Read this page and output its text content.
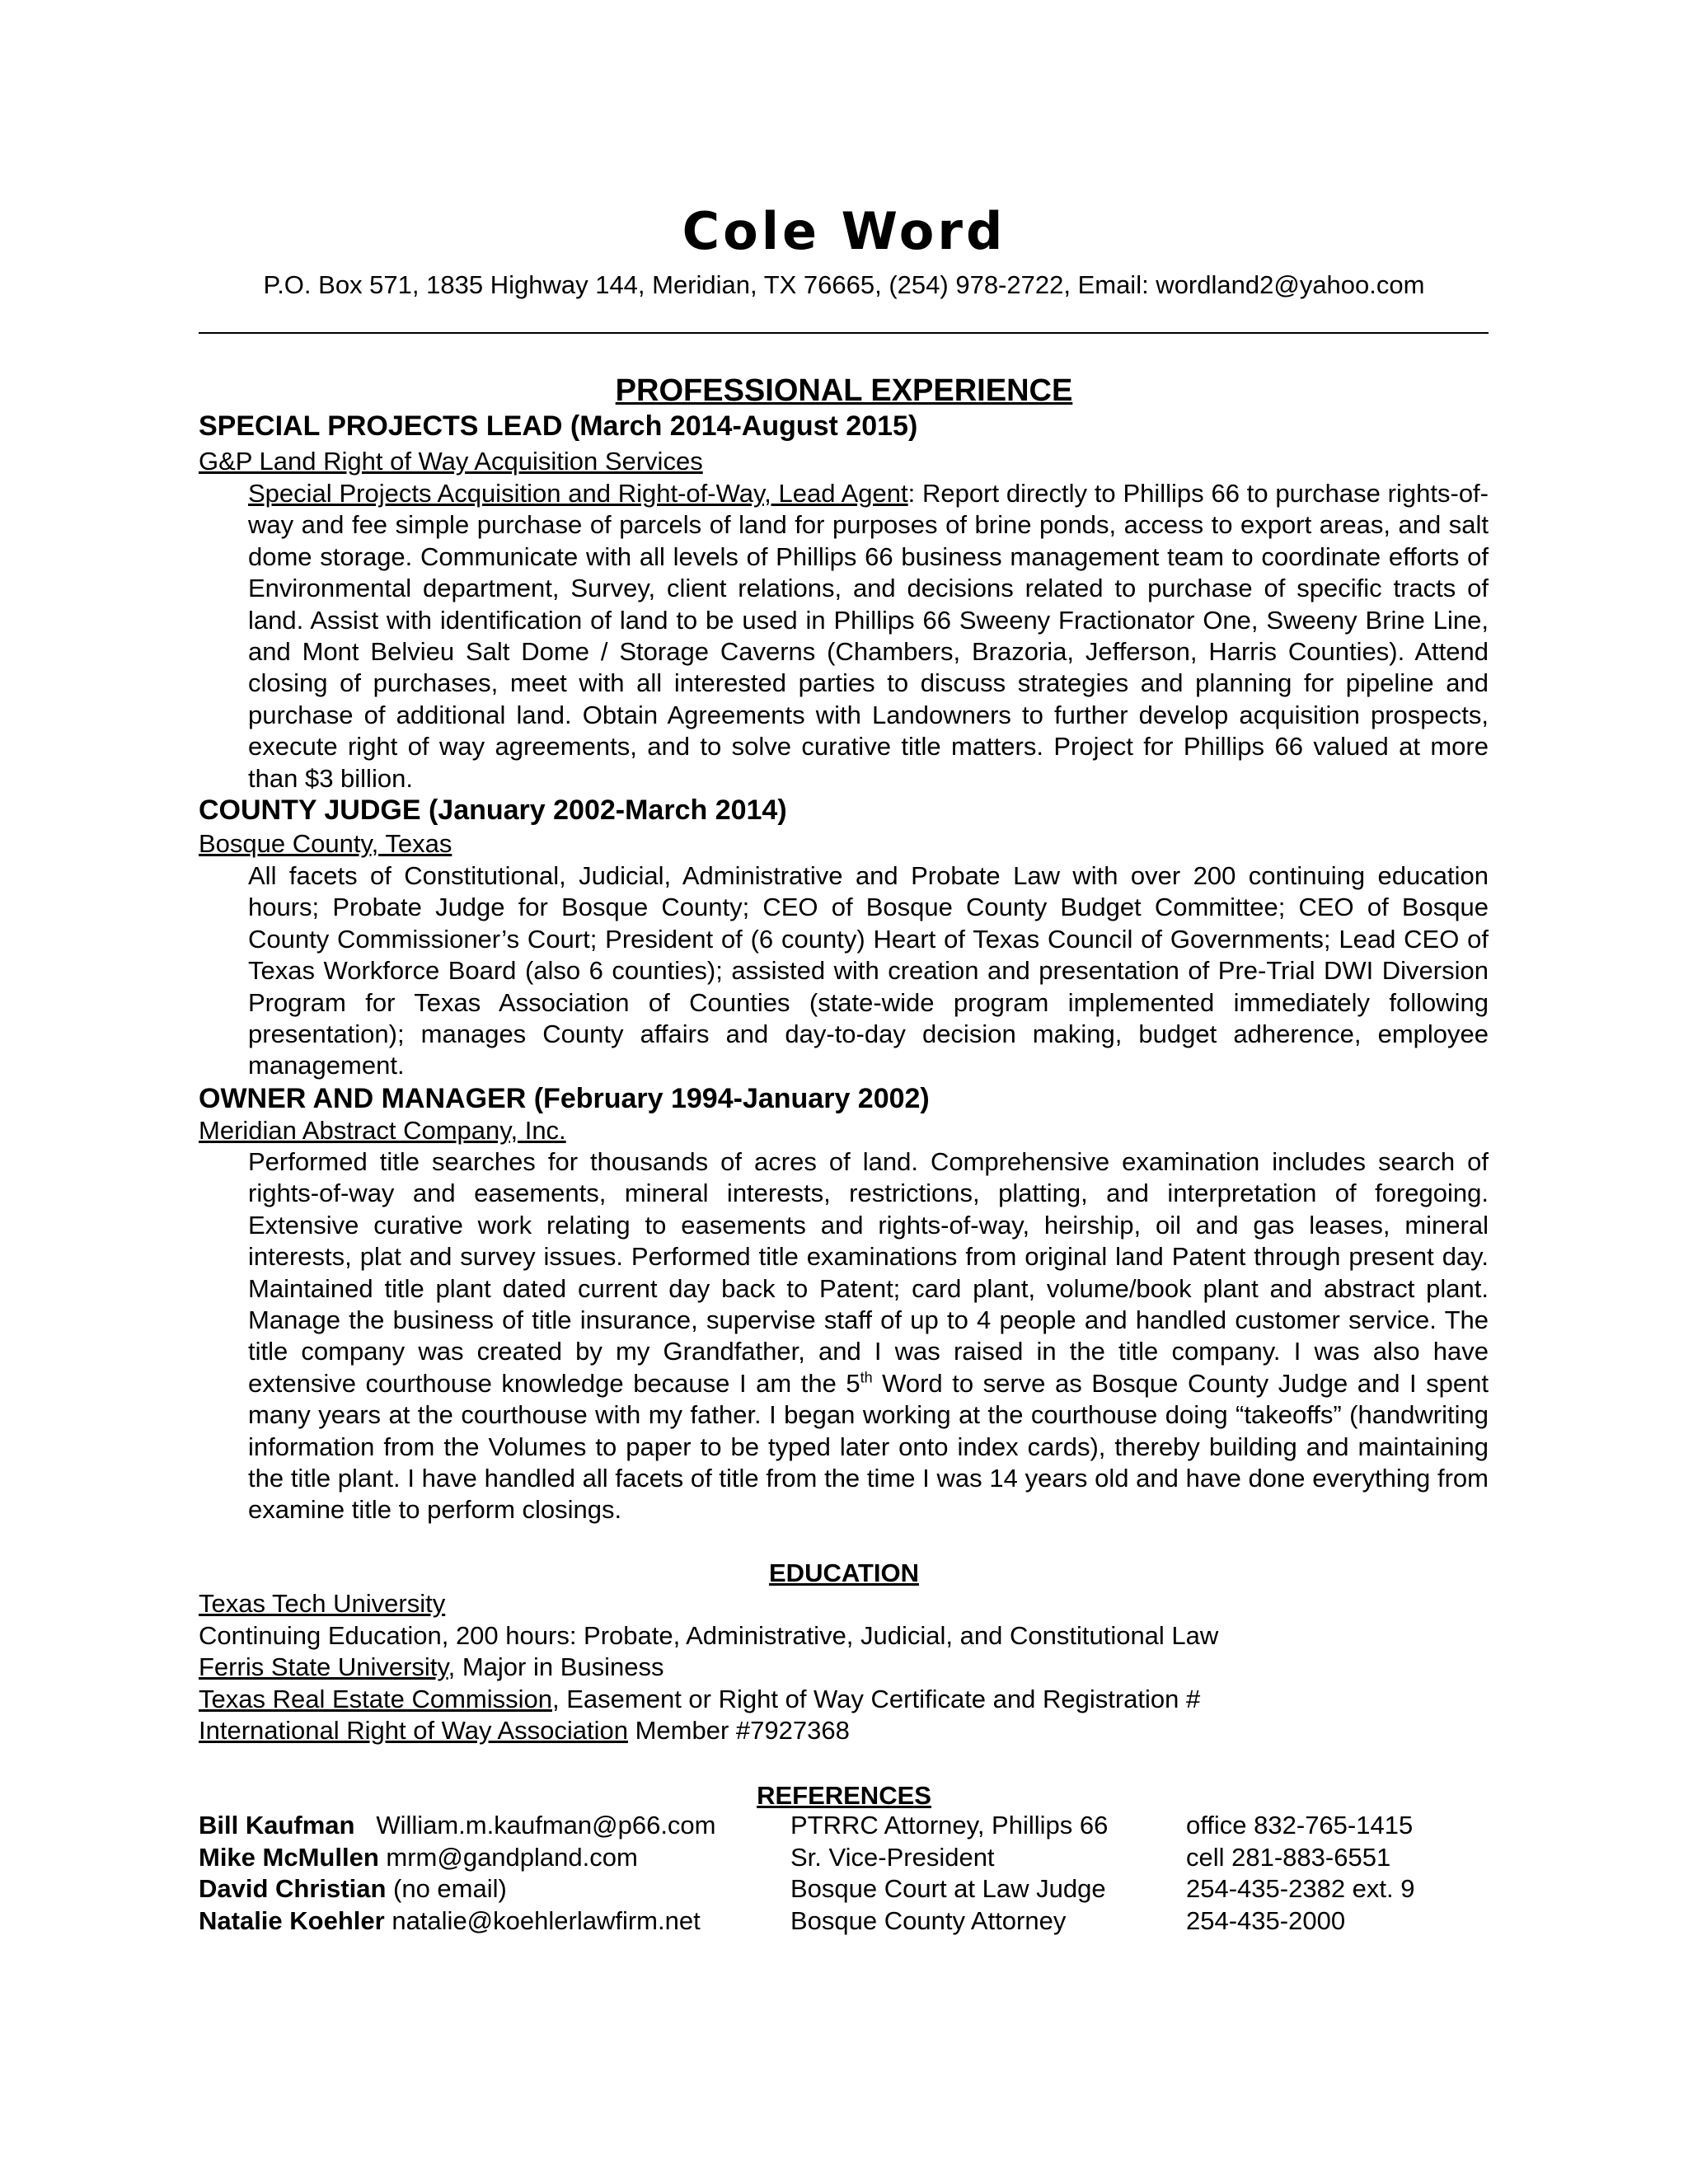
Cole Word
P.O. Box 571, 1835 Highway 144, Meridian, TX 76665, (254) 978-2722, Email: wordland2@yahoo.com
PROFESSIONAL EXPERIENCE
SPECIAL PROJECTS LEAD (March 2014-August 2015)
G&P Land Right of Way Acquisition Services
Special Projects Acquisition and Right-of-Way, Lead Agent: Report directly to Phillips 66 to purchase rights-of-way and fee simple purchase of parcels of land for purposes of brine ponds, access to export areas, and salt dome storage. Communicate with all levels of Phillips 66 business management team to coordinate efforts of Environmental department, Survey, client relations, and decisions related to purchase of specific tracts of land. Assist with identification of land to be used in Phillips 66 Sweeny Fractionator One, Sweeny Brine Line, and Mont Belvieu Salt Dome / Storage Caverns (Chambers, Brazoria, Jefferson, Harris Counties). Attend closing of purchases, meet with all interested parties to discuss strategies and planning for pipeline and purchase of additional land. Obtain Agreements with Landowners to further develop acquisition prospects, execute right of way agreements, and to solve curative title matters. Project for Phillips 66 valued at more than $3 billion.
COUNTY JUDGE (January 2002-March 2014)
Bosque County, Texas
All facets of Constitutional, Judicial, Administrative and Probate Law with over 200 continuing education hours; Probate Judge for Bosque County; CEO of Bosque County Budget Committee; CEO of Bosque County Commissioner’s Court; President of (6 county) Heart of Texas Council of Governments; Lead CEO of Texas Workforce Board (also 6 counties); assisted with creation and presentation of Pre-Trial DWI Diversion Program for Texas Association of Counties (state-wide program implemented immediately following presentation); manages County affairs and day-to-day decision making, budget adherence, employee management.
OWNER AND MANAGER (February 1994-January 2002)
Meridian Abstract Company, Inc.
Performed title searches for thousands of acres of land. Comprehensive examination includes search of rights-of-way and easements, mineral interests, restrictions, platting, and interpretation of foregoing. Extensive curative work relating to easements and rights-of-way, heirship, oil and gas leases, mineral interests, plat and survey issues. Performed title examinations from original land Patent through present day. Maintained title plant dated current day back to Patent; card plant, volume/book plant and abstract plant. Manage the business of title insurance, supervise staff of up to 4 people and handled customer service. The title company was created by my Grandfather, and I was raised in the title company. I was also have extensive courthouse knowledge because I am the 5th Word to serve as Bosque County Judge and I spent many years at the courthouse with my father. I began working at the courthouse doing “takeoffs” (handwriting information from the Volumes to paper to be typed later onto index cards), thereby building and maintaining the title plant. I have handled all facets of title from the time I was 14 years old and have done everything from examine title to perform closings.
EDUCATION
Texas Tech University
Continuing Education, 200 hours: Probate, Administrative, Judicial, and Constitutional Law
Ferris State University, Major in Business
Texas Real Estate Commission, Easement or Right of Way Certificate and Registration #
International Right of Way Association Member #7927368
REFERENCES
Bill Kaufman William.m.kaufman@p66.com	PTRRC Attorney, Phillips 66	office 832-765-1415
Mike McMullen mrm@gandpland.com	Sr. Vice-President	cell 281-883-6551
David Christian (no email)	Bosque Court at Law Judge	254-435-2382 ext. 9
Natalie Koehler natalie@koehlerlawfirm.net	Bosque County Attorney	254-435-2000
